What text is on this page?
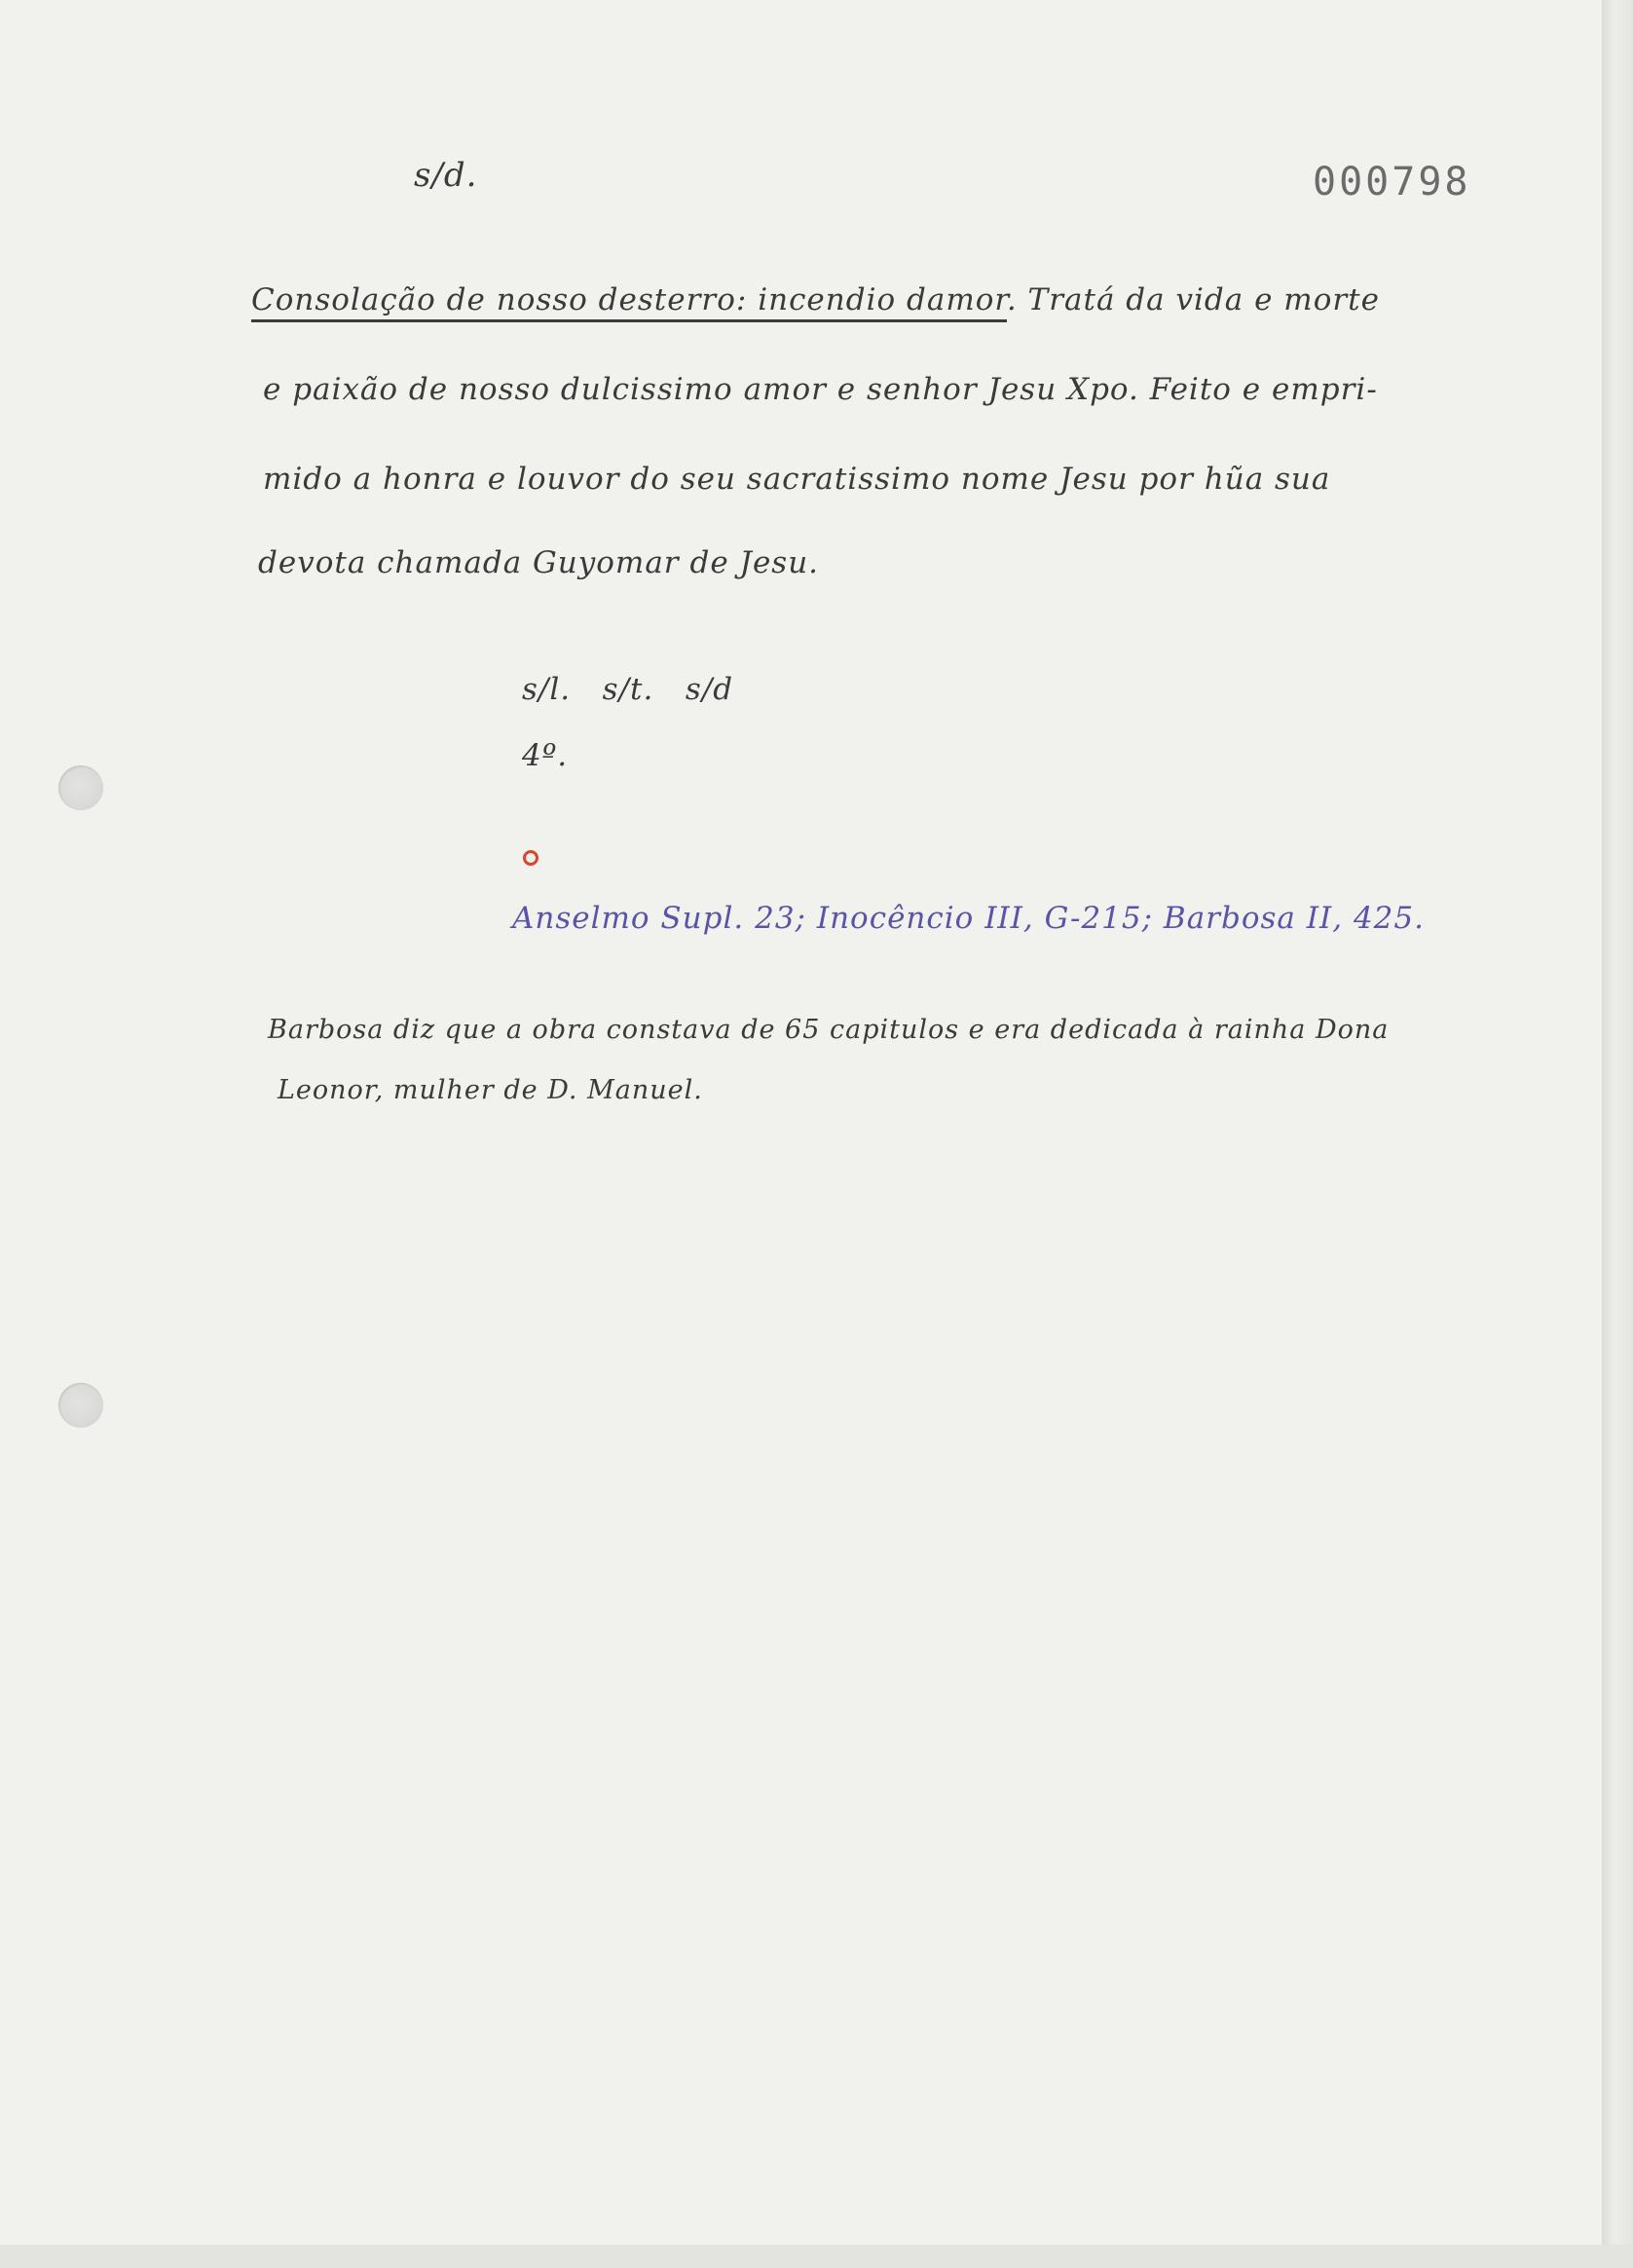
s/d.	000798
Consolação de nosso desterro: incendio damor. Tratá da vida e morte
e paixão de nosso dulcissimo amor e senhor Jesu Xpo. Feito e empri-
mido a honra e louvor do seu sacratissimo nome Jesu por hũa sua
devota chamada Guyomar de Jesu.
s/l.   s/t.   s/d
4º.
Anselmo Supl. 23; Inocêncio III, G-215; Barbosa II, 425.
Barbosa diz que a obra constava de 65 capitulos e era dedicada à rainha Dona
Leonor, mulher de D. Manuel.
